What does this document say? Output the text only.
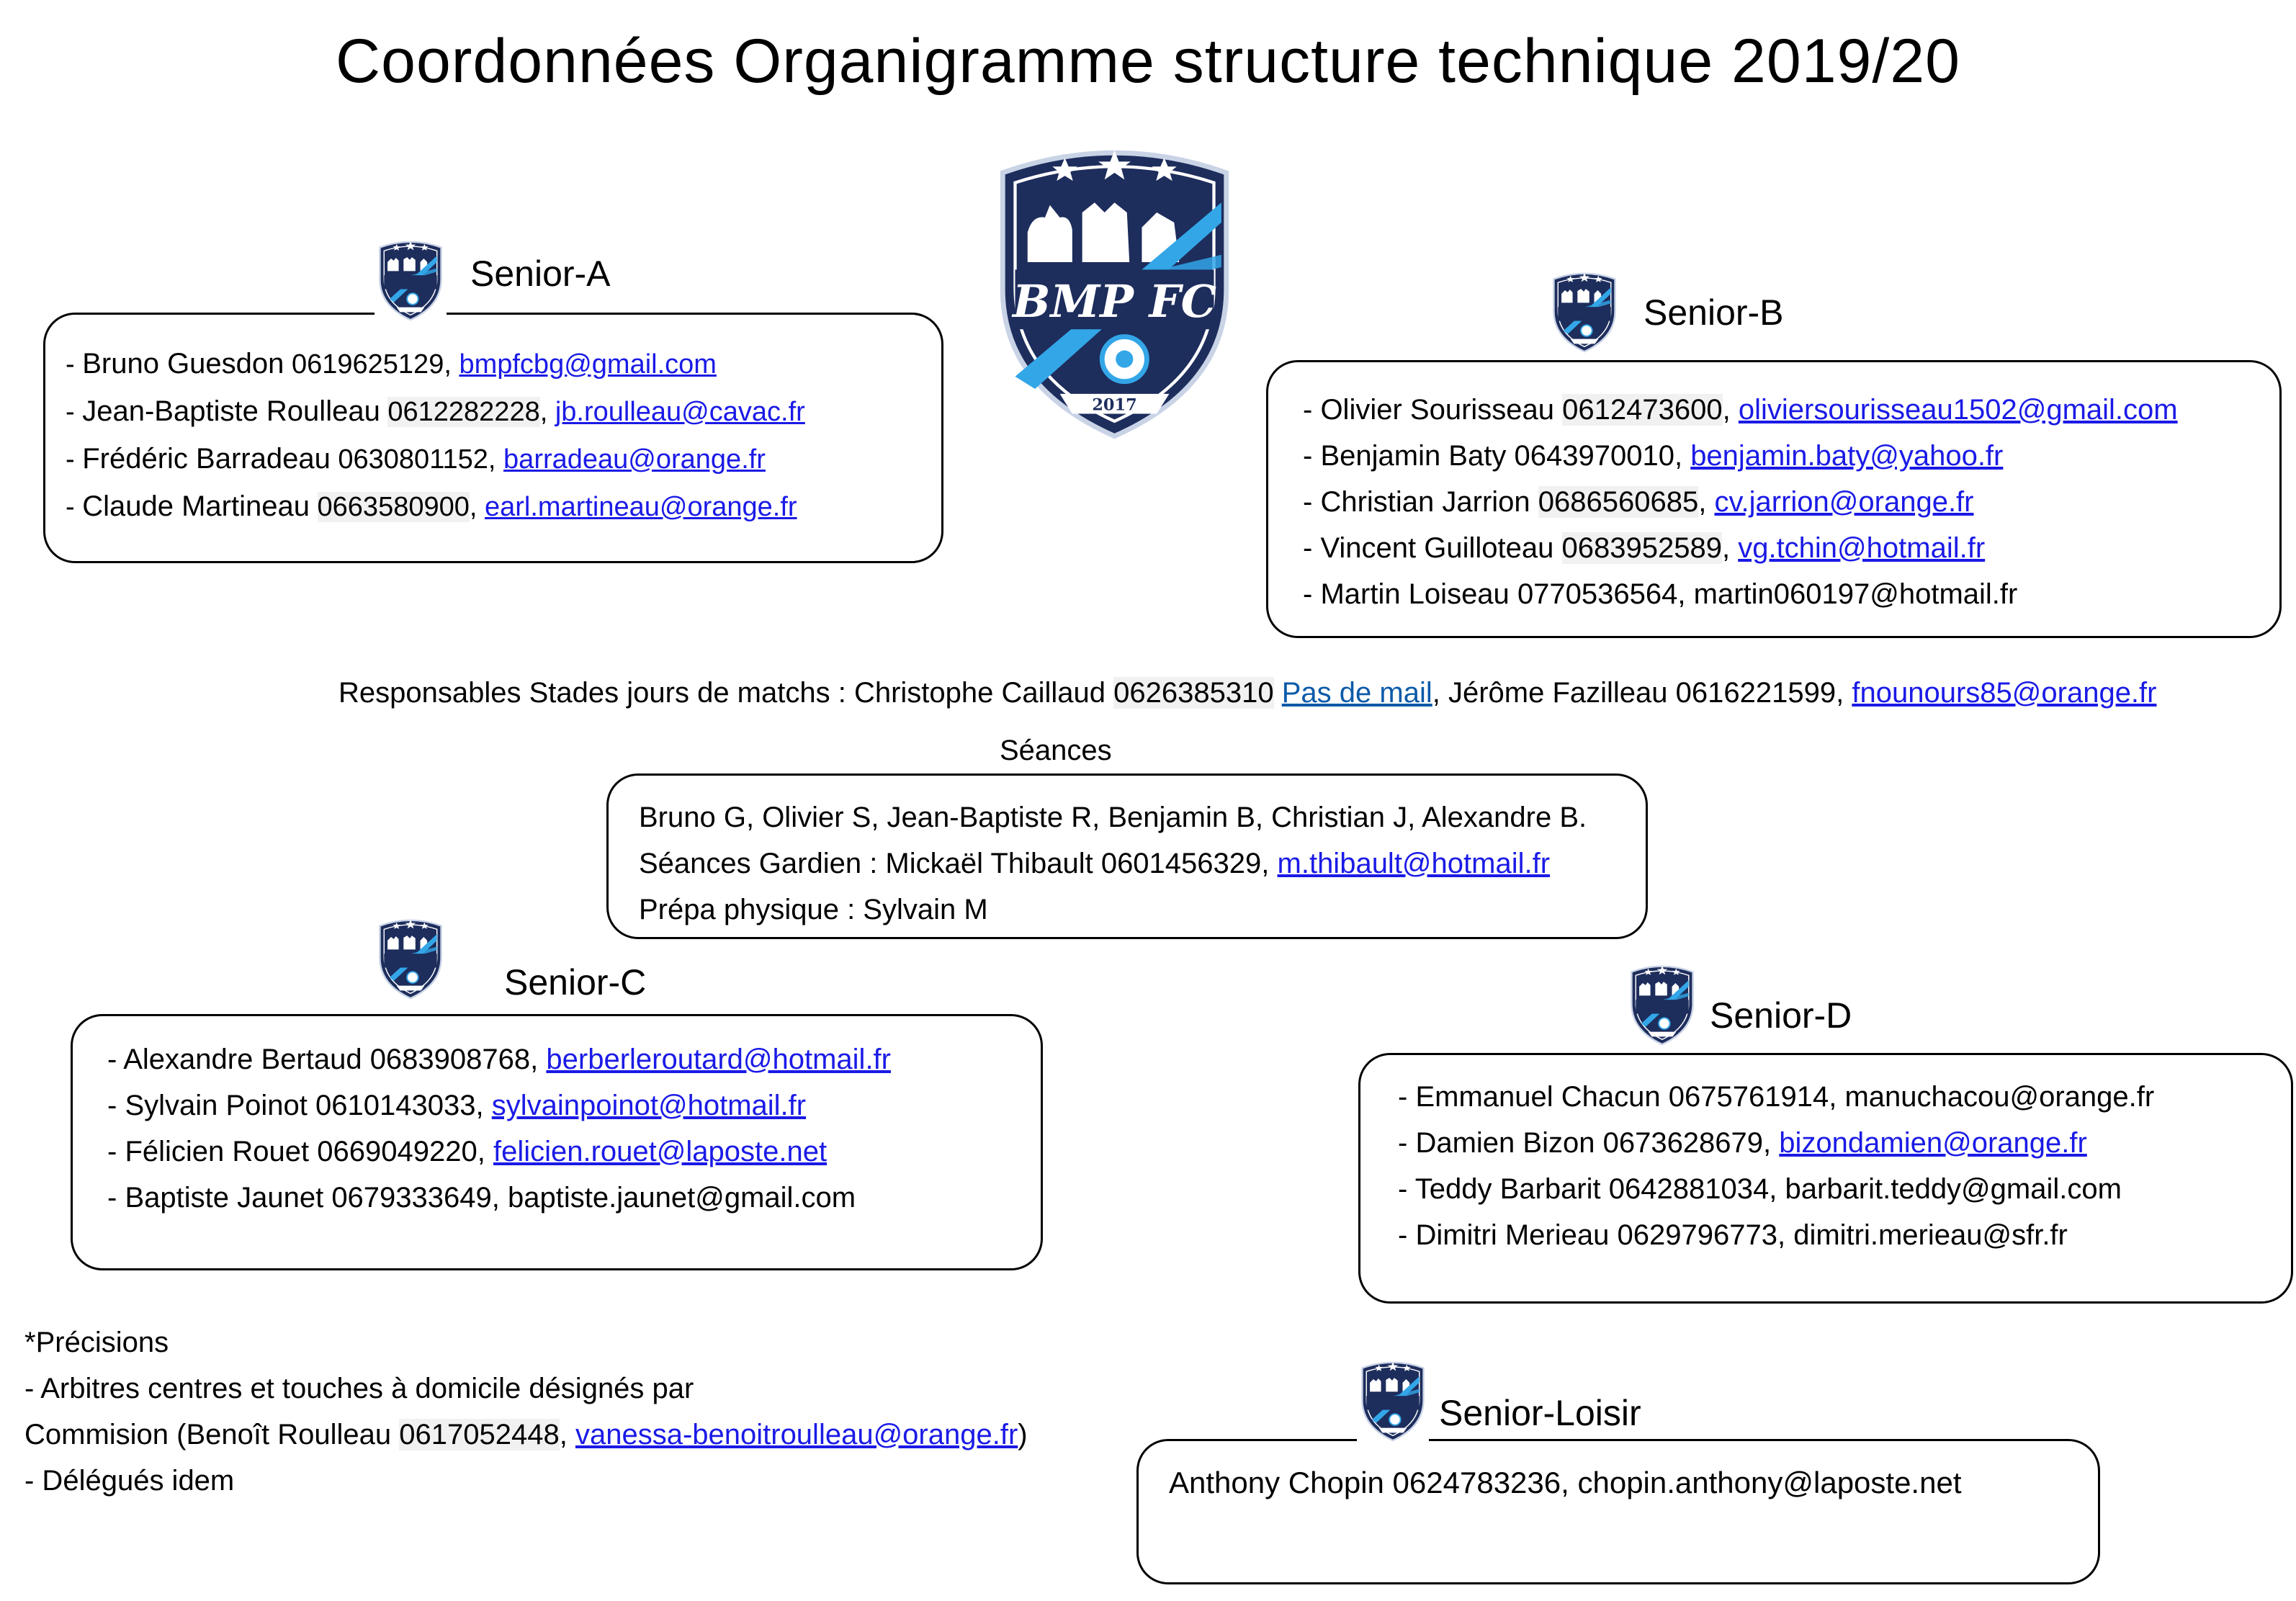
Coordonnées Organigramme structure technique 2019/20
BMP FC
2017
- Bruno Guesdon 0619625129, bmpfcbg@gmail.com
- Jean-Baptiste Roulleau 0612282228, jb.roulleau@cavac.fr
- Frédéric Barradeau 0630801152, barradeau@orange.fr
- Claude Martineau 0663580900, earl.martineau@orange.fr
Senior-A
- Olivier Sourisseau 0612473600, oliviersourisseau1502@gmail.com
- Benjamin Baty 0643970010, benjamin.baty@yahoo.fr
- Christian Jarrion 0686560685, cv.jarrion@orange.fr
- Vincent Guilloteau 0683952589, vg.tchin@hotmail.fr
- Martin Loiseau 0770536564, martin060197@hotmail.fr
Senior-B
Responsables Stades jours de matchs : Christophe Caillaud 0626385310 Pas de mail, Jérôme Fazilleau 0616221599, fnounours85@orange.fr
Bruno G, Olivier S, Jean-Baptiste R, Benjamin B, Christian J, Alexandre B.
Séances Gardien : Mickaël Thibault 0601456329, m.thibault@hotmail.fr
Prépa physique : Sylvain M
Séances
- Alexandre Bertaud 0683908768, berberleroutard@hotmail.fr
- Sylvain Poinot 0610143033, sylvainpoinot@hotmail.fr
- Félicien Rouet 0669049220, felicien.rouet@laposte.net
- Baptiste Jaunet 0679333649, baptiste.jaunet@gmail.com
Senior-C
- Emmanuel Chacun 0675761914, manuchacou@orange.fr
- Damien Bizon 0673628679, bizondamien@orange.fr
- Teddy Barbarit 0642881034, barbarit.teddy@gmail.com
- Dimitri Merieau 0629796773, dimitri.merieau@sfr.fr
Senior-D
*Précisions
- Arbitres centres et touches à domicile désignés par
Commision (Benoît Roulleau 0617052448, vanessa-benoitroulleau@orange.fr)
- Délégués idem	Anthony Chopin 0624783236, chopin.anthony@laposte.net
Senior-Loisir
